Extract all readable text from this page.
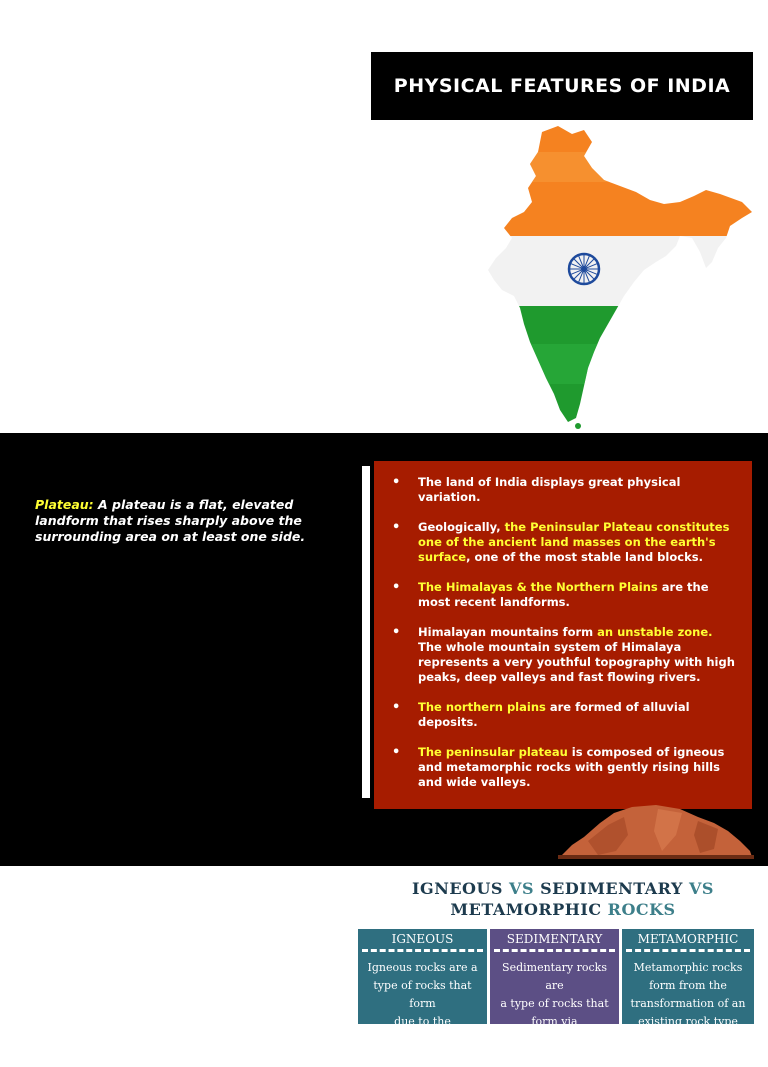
PHYSICAL FEATURES OF INDIA

Plateau: A plateau is a flat, elevated landform that rises sharply above the surrounding area on at least one side.

• The land of India displays great physical variation.
• Geologically, the Peninsular Plateau constitutes one of the ancient land masses on the earth's surface, one of the most stable land blocks.
• The Himalayas & the Northern Plains are the most recent landforms.
• Himalayan mountains form an unstable zone. The whole mountain system of Himalaya represents a very youthful topography with high peaks, deep valleys and fast flowing rivers.
• The northern plains are formed of alluvial deposits.
• The peninsular plateau is composed of igneous and metamorphic rocks with gently rising hills and wide valleys.
IGNEOUS VS SEDIMENTARY VS
METAMORPHIC ROCKS
IGNEOUS
Igneous rocks are a
type of rocks that form
due to the
solidification of lava
SEDIMENTARY
Sedimentary rocks are
a type of rocks that
form via accumulation
or deposition of
METAMORPHIC
Metamorphic rocks
form from the
transformation of an
existing rock type into a
